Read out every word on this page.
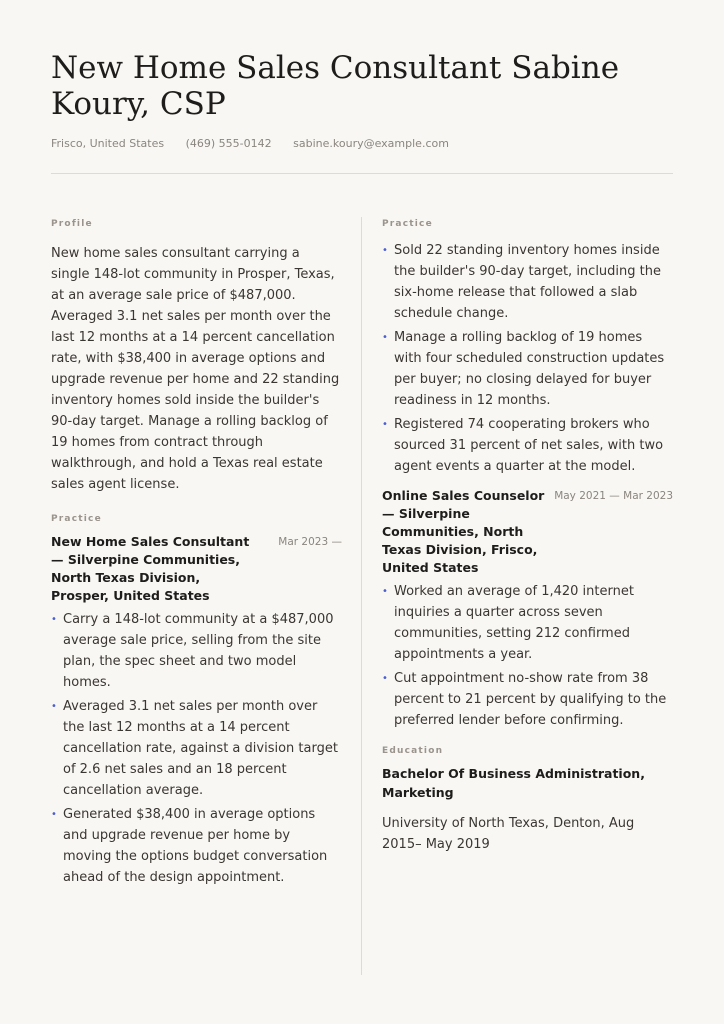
New Home Sales Consultant Sabine Koury, CSP
Frisco, United States (469) 555-0142 sabine.koury@example.com

Profile

New home sales consultant carrying a single 148-lot community in Prosper, Texas, at an average sale price of $487,000. Averaged 3.1 net sales per month over the last 12 months at a 14 percent cancellation rate, with $38,400 in average options and upgrade revenue per home and 22 standing inventory homes sold inside the builder's 90-day target. Manage a rolling backlog of 19 homes from contract through walkthrough, and hold a Texas real estate sales agent license.

Practice

New Home Sales Consultant — Silverpine Communities, North Texas Division, Prosper, United States
Mar 2023 —
• Carry a 148-lot community at a $487,000 average sale price, selling from the site plan, the spec sheet and two model homes.
• Averaged 3.1 net sales per month over the last 12 months at a 14 percent cancellation rate, against a division target of 2.6 net sales and an 18 percent cancellation average.
• Generated $38,400 in average options and upgrade revenue per home by moving the options budget conversation ahead of the design appointment.

Practice

• Sold 22 standing inventory homes inside the builder's 90-day target, including the six-home release that followed a slab schedule change.
• Manage a rolling backlog of 19 homes with four scheduled construction updates per buyer; no closing delayed for buyer readiness in 12 months.
• Registered 74 cooperating brokers who sourced 31 percent of net sales, with two agent events a quarter at the model.
Online Sales Counselor — Silverpine Communities, North Texas Division, Frisco, United States
May 2021 — Mar 2023
• Worked an average of 1,420 internet inquiries a quarter across seven communities, setting 212 confirmed appointments a year.
• Cut appointment no-show rate from 38 percent to 21 percent by qualifying to the preferred lender before confirming.

Education

Bachelor Of Business Administration, Marketing
University of North Texas, Denton, Aug 2015– May 2019
